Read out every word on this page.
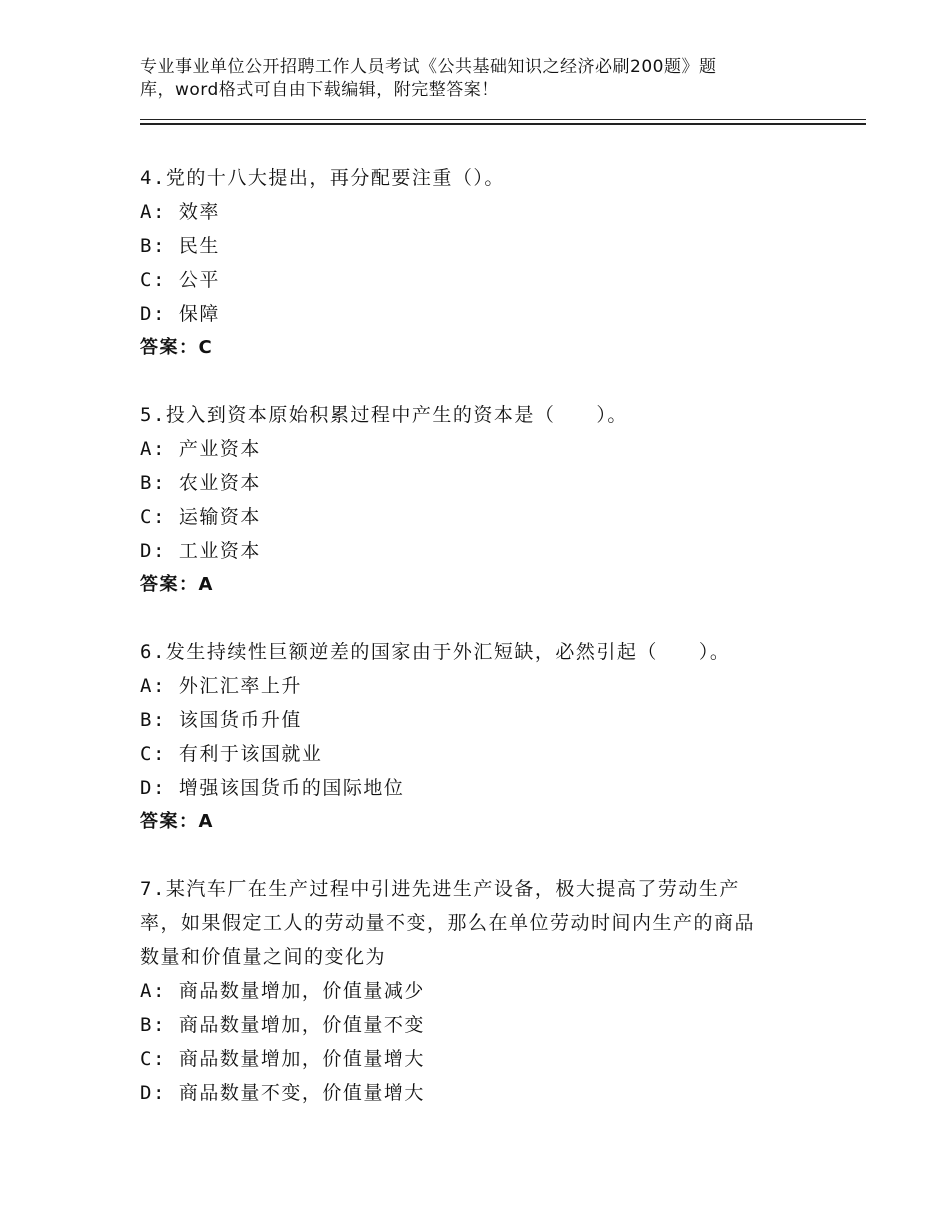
专业事业单位公开招聘工作人员考试《公共基础知识之经济必刷200题》题
库，word格式可自由下载编辑，附完整答案！
4.党的十八大提出，再分配要注重（）。
A: 效率
B: 民生
C: 公平
D: 保障
答案：C
5.投入到资本原始积累过程中产生的资本是（　　）。
A: 产业资本
B: 农业资本
C: 运输资本
D: 工业资本
答案：A
6.发生持续性巨额逆差的国家由于外汇短缺，必然引起（　　）。
A: 外汇汇率上升
B: 该国货币升值
C: 有利于该国就业
D: 增强该国货币的国际地位
答案：A
7.某汽车厂在生产过程中引进先进生产设备，极大提高了劳动生产
率，如果假定工人的劳动量不变，那么在单位劳动时间内生产的商品
数量和价值量之间的变化为
A: 商品数量增加，价值量减少
B: 商品数量增加，价值量不变
C: 商品数量增加，价值量增大
D: 商品数量不变，价值量增大
